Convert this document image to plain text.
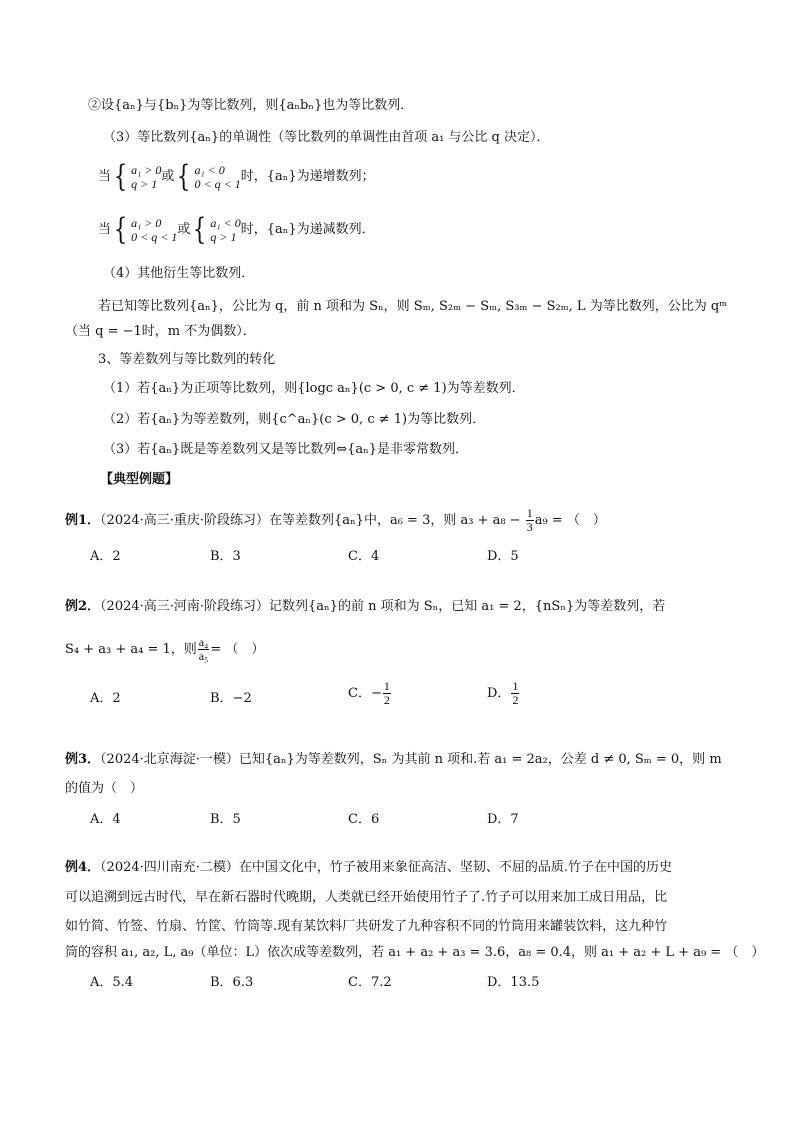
②设{aₙ}与{bₙ}为等比数列，则{aₙbₙ}也为等比数列．
（3）等比数列{aₙ}的单调性（等比数列的单调性由首项 a₁ 与公比 q 决定）．
当 { a₁ > 0
q > 1 或 { a₁ < 0
0 < q < 1 时，{aₙ}为递增数列；
当 { a₁ > 0
0 < q < 1 或 { a₁ < 0
q > 1 时，{aₙ}为递减数列．
（4）其他衍生等比数列．
若已知等比数列{aₙ}，公比为 q，前 n 项和为 Sₙ，则 Sₘ, S₂ₘ − Sₘ, S₃ₘ − S₂ₘ, L 为等比数列，公比为 qᵐ
（当 q = −1时，m 不为偶数）．
3、等差数列与等比数列的转化
（1）若{aₙ}为正项等比数列，则{logc aₙ}(c > 0, c ≠ 1)为等差数列．
（2）若{aₙ}为等差数列，则{c^aₙ}(c > 0, c ≠ 1)为等比数列．
（3）若{aₙ}既是等差数列又是等比数列⇔{aₙ}是非零常数列．
【典型例题】
例1．（2024·高三·重庆·阶段练习）在等差数列{aₙ}中，a₆ = 3，则 $a_3 + a_8 - \frac{1}{3} a_9$ = （　）
A．2	B．3	C．4	D．5
例2．（2024·高三·河南·阶段练习）记数列{aₙ}的前 n 项和为 Sₙ，已知 a₁ = 2，{nSₙ}为等差数列，若
S₄ + a₃ + a₄ = 1，则 $\frac{\text{a₄}}{\text{a₅}}$ = （　）
A．2	B．−2	C．− $\frac{1}{2}$	D． $\frac{1}{2}$
例3．（2024·北京海淀·一模）已知{aₙ}为等差数列，Sₙ 为其前 n 项和.若 a₁ = 2a₂，公差 d ≠ 0, Sₘ = 0，则 m
的值为（　）
A．4	B．5	C．6	D．7
例4．（2024·四川南充·二模）在中国文化中，竹子被用来象征高洁、坚韧、不屈的品质.竹子在中国的历史
可以追溯到远古时代，早在新石器时代晚期，人类就已经开始使用竹子了.竹子可以用来加工成日用品，比
如竹简、竹签、竹扇、竹筐、竹筒等.现有某饮料厂共研发了九种容积不同的竹筒用来罐装饮料，这九种竹
筒的容积 a₁, a₂, L, a₉（单位：L）依次成等差数列，若 a₁ + a₂ + a₃ = 3.6，a₈ = 0.4，则 a₁ + a₂ + L + a₉ = （　）
A．5.4	B．6.3	C．7.2	D．13.5
